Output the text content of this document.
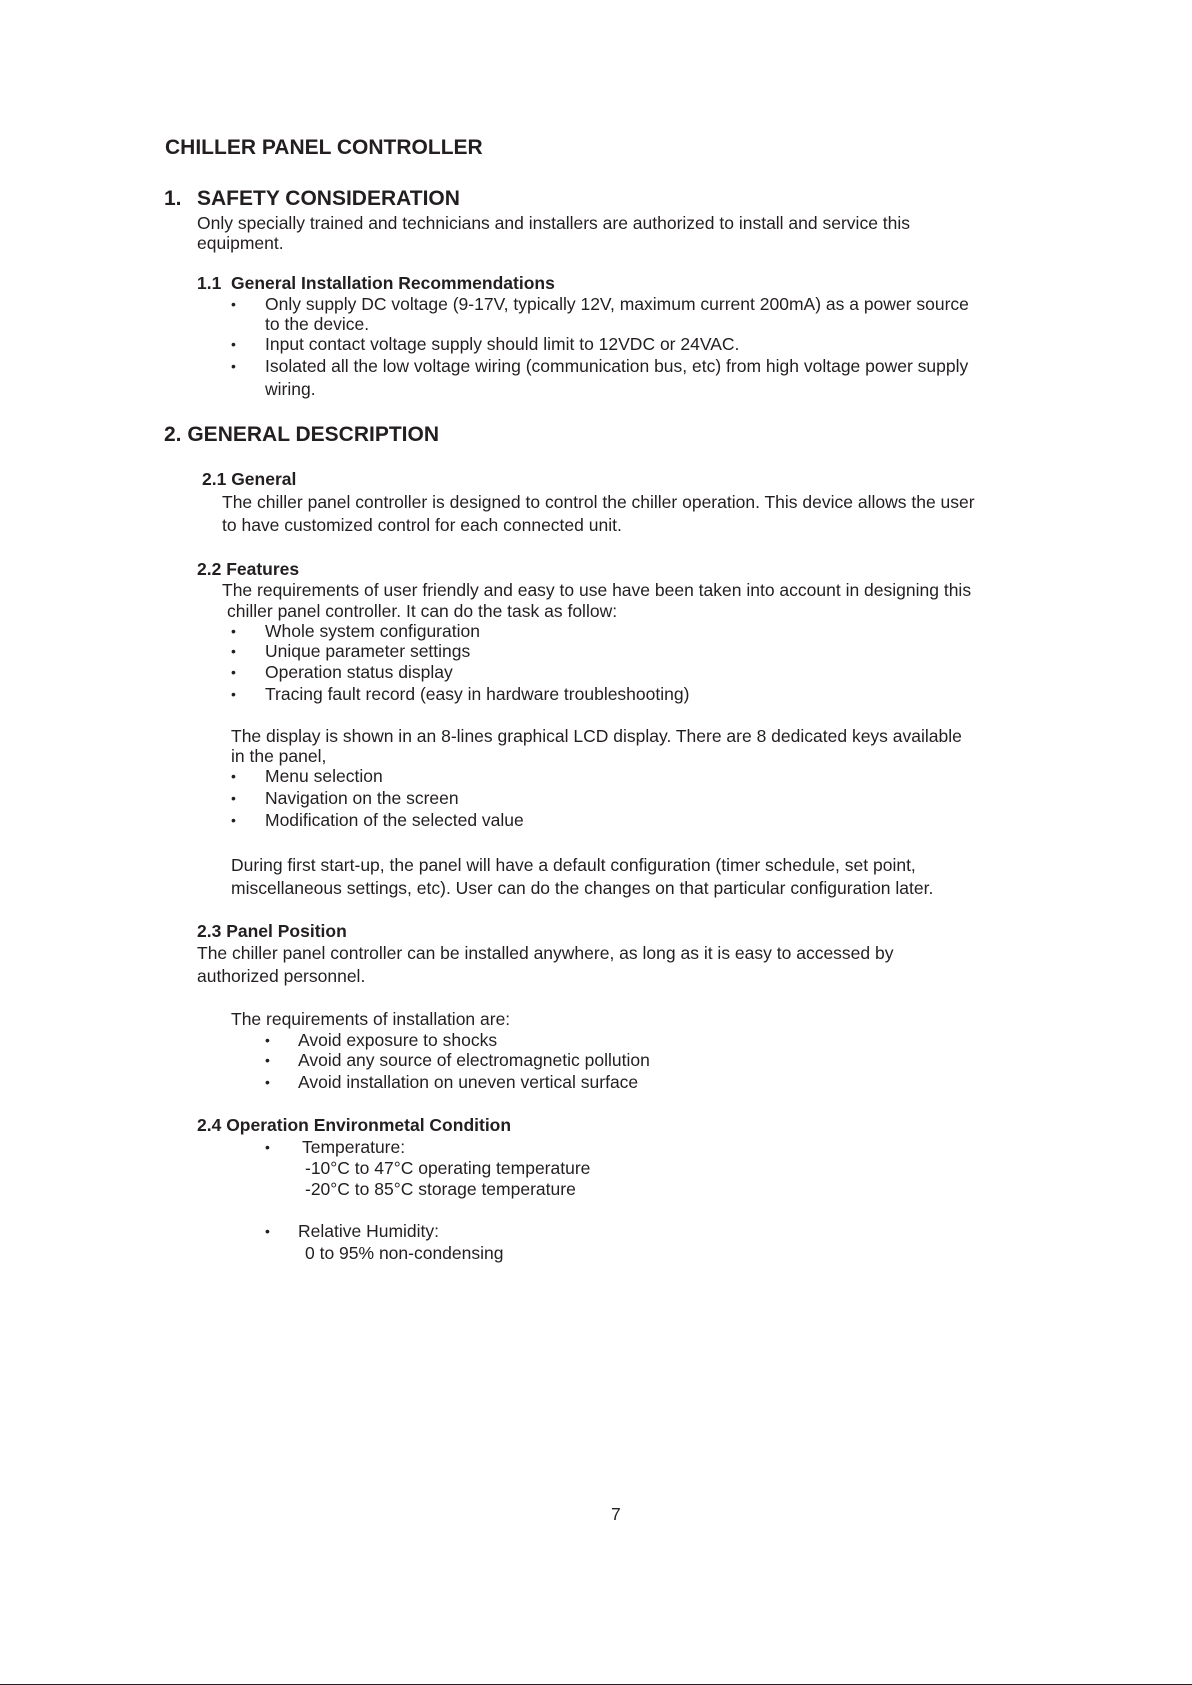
CHILLER PANEL CONTROLLER
1. SAFETY CONSIDERATION
Only specially trained and technicians and installers are authorized to install and service this
equipment.
1.1 General Installation Recommendations
• Only supply DC voltage (9-17V, typically 12V, maximum current 200mA) as a power source
to the device.
• Input contact voltage supply should limit to 12VDC or 24VAC.
• Isolated all the low voltage wiring (communication bus, etc) from high voltage power supply
wiring.
2. GENERAL DESCRIPTION
2.1 General
The chiller panel controller is designed to control the chiller operation. This device allows the user
to have customized control for each connected unit.
2.2 Features
The requirements of user friendly and easy to use have been taken into account in designing this
chiller panel controller. It can do the task as follow:
• Whole system configuration
• Unique parameter settings
• Operation status display
• Tracing fault record (easy in hardware troubleshooting)
The display is shown in an 8-lines graphical LCD display. There are 8 dedicated keys available
in the panel,
• Menu selection
• Navigation on the screen
• Modification of the selected value
During first start-up, the panel will have a default configuration (timer schedule, set point,
miscellaneous settings, etc). User can do the changes on that particular configuration later.
2.3 Panel Position
The chiller panel controller can be installed anywhere, as long as it is easy to accessed by
authorized personnel.
The requirements of installation are:
• Avoid exposure to shocks
• Avoid any source of electromagnetic pollution
• Avoid installation on uneven vertical surface
2.4 Operation Environmetal Condition
• Temperature:
-10°C to 47°C operating temperature
-20°C to 85°C storage temperature
• Relative Humidity:
0 to 95% non-condensing
7
